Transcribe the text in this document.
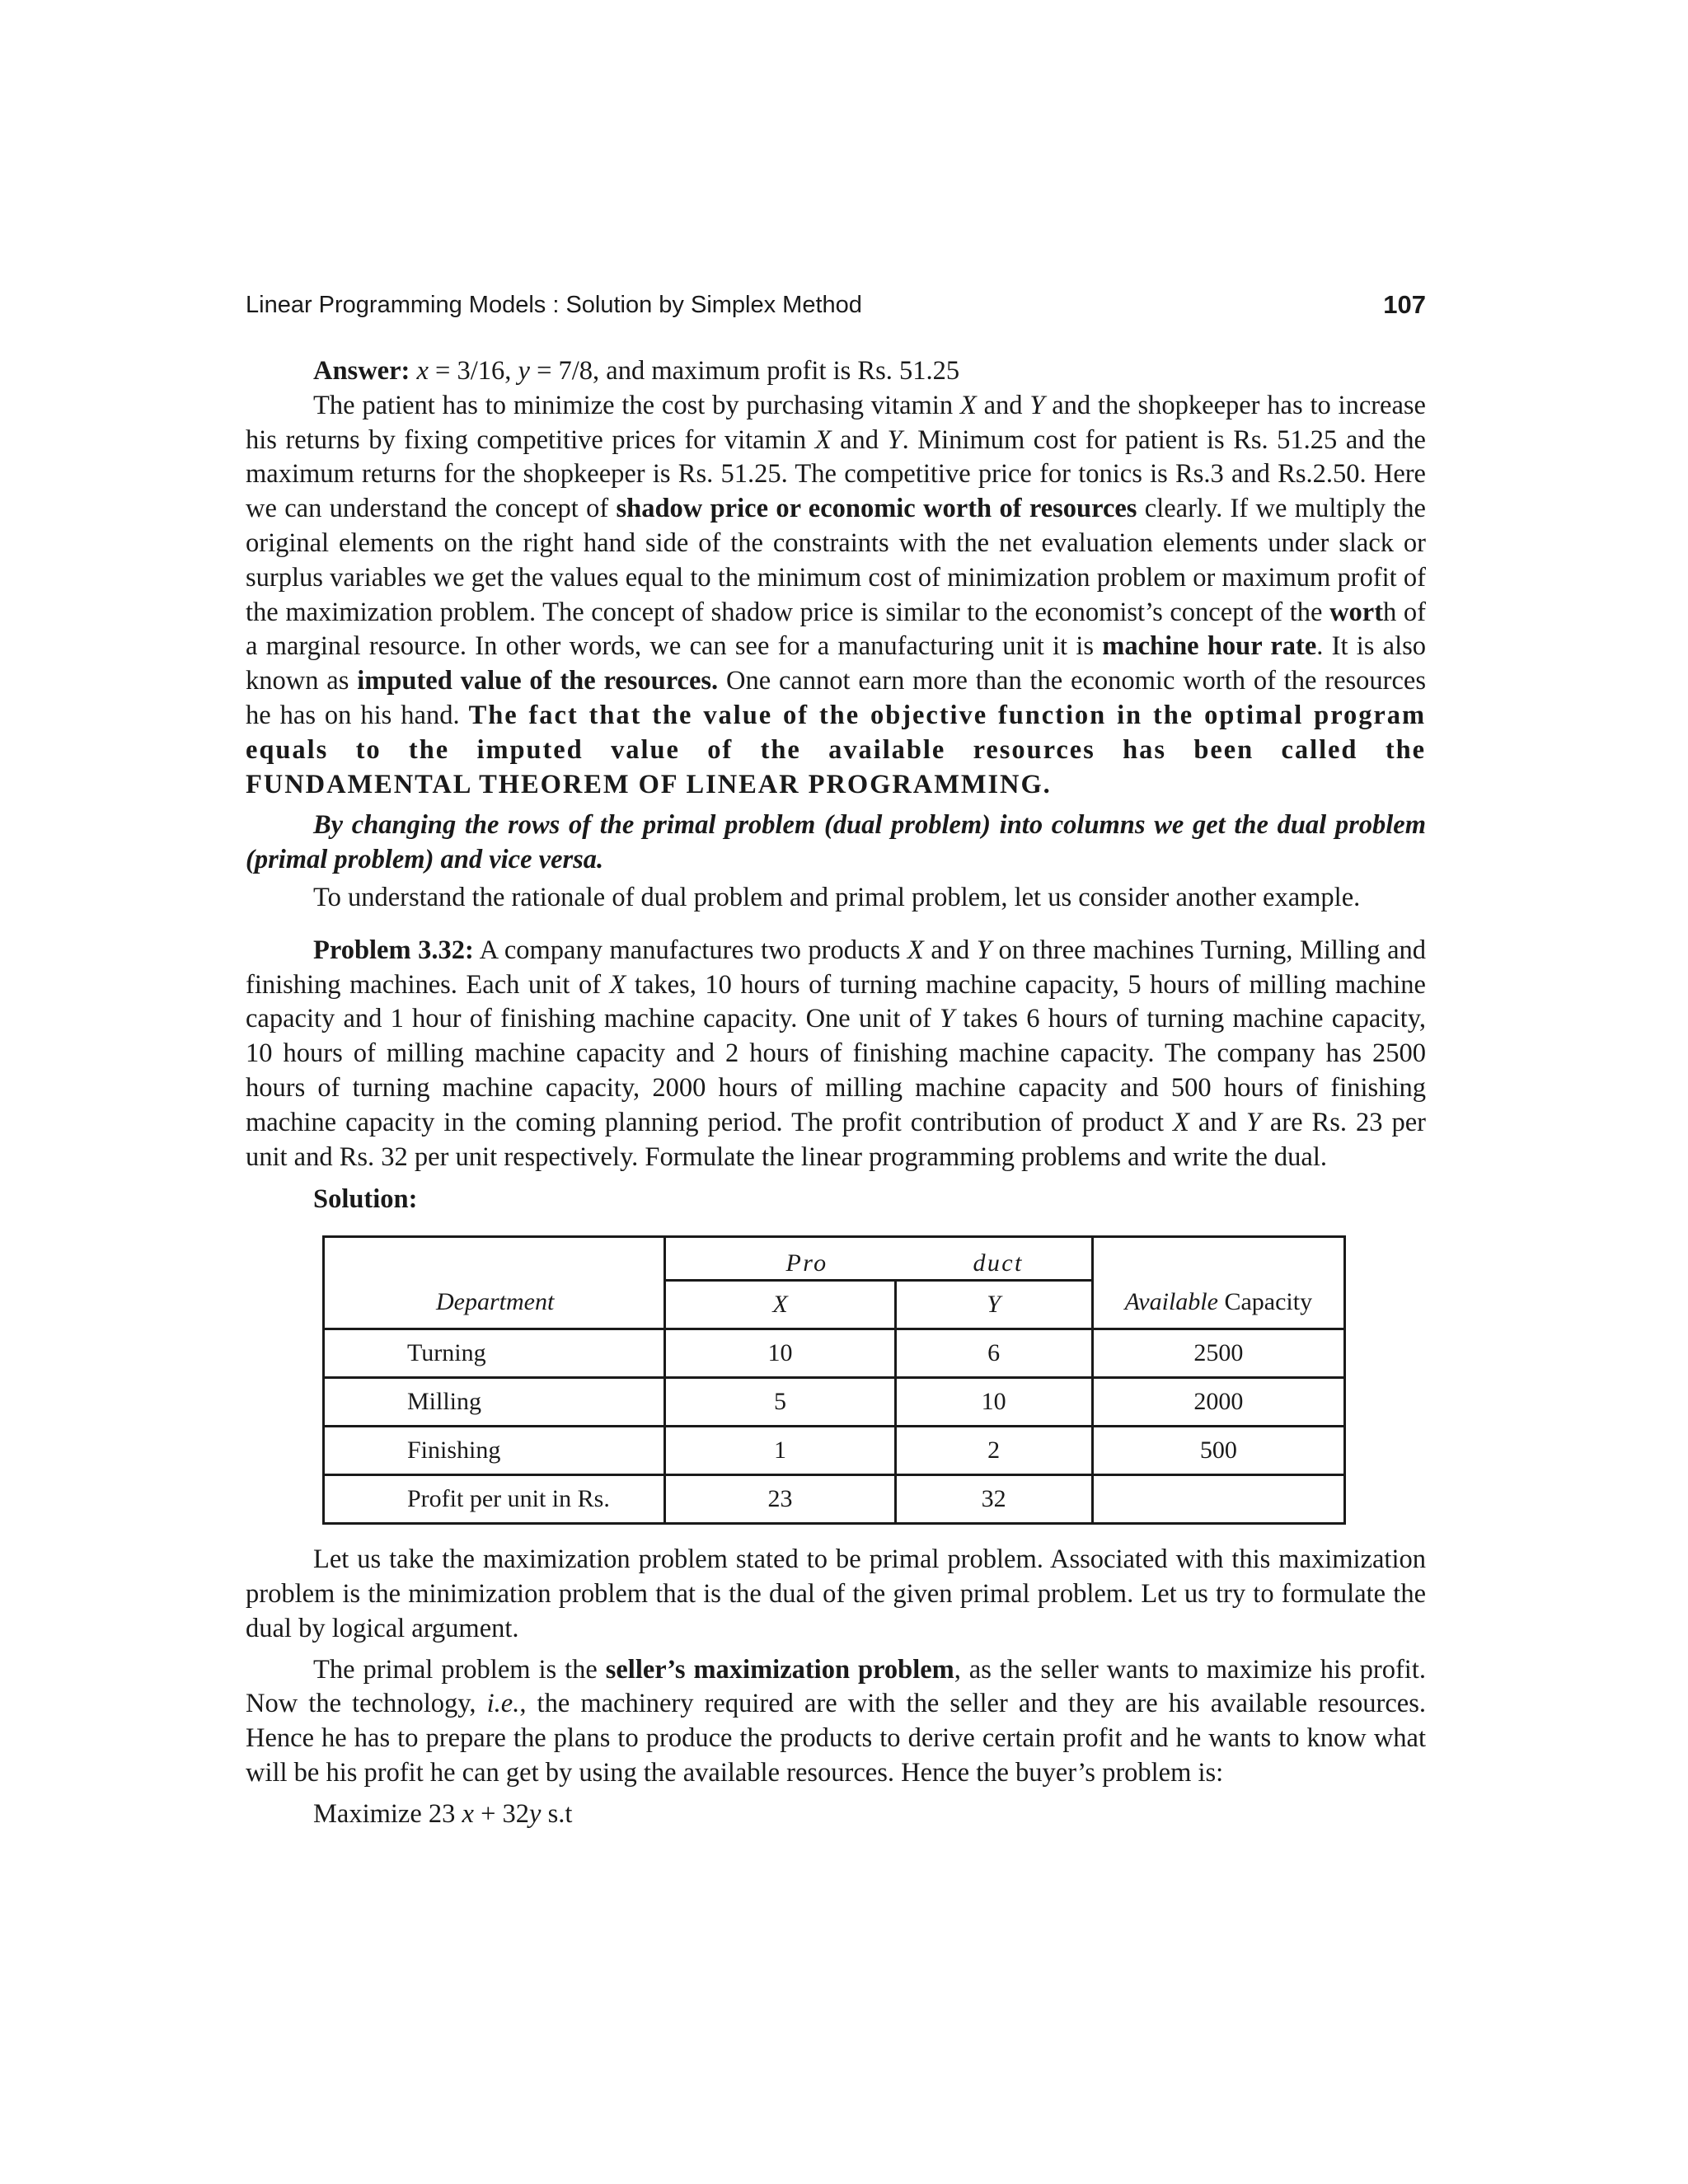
Linear Programming Models : Solution by Simplex Method	107

Answer: x = 3/16, y = 7/8, and maximum profit is Rs. 51.25

The patient has to minimize the cost by purchasing vitamin X and Y and the shopkeeper has to increase his returns by fixing competitive prices for vitamin X and Y. Minimum cost for patient is Rs. 51.25 and the maximum returns for the shopkeeper is Rs. 51.25. The competitive price for tonics is Rs.3 and Rs.2.50. Here we can understand the concept of shadow price or economic worth of resources clearly. If we multiply the original elements on the right hand side of the constraints with the net evaluation elements under slack or surplus variables we get the values equal to the minimum cost of minimization problem or maximum profit of the maximization problem. The concept of shadow price is similar to the economist’s concept of the worth of a marginal resource. In other words, we can see for a manufacturing unit it is machine hour rate. It is also known as imputed value of the resources. One cannot earn more than the economic worth of the resources he has on his hand. The fact that the value of the objective function in the optimal program equals to the imputed value of the available resources has been called the FUNDAMENTAL THEOREM OF LINEAR PROGRAMMING.

By changing the rows of the primal problem (dual problem) into columns we get the dual problem (primal problem) and vice versa.

To understand the rationale of dual problem and primal problem, let us consider another example.

Problem 3.32: A company manufactures two products X and Y on three machines Turning, Milling and finishing machines. Each unit of X takes, 10 hours of turning machine capacity, 5 hours of milling machine capacity and 1 hour of finishing machine capacity. One unit of Y takes 6 hours of turning machine capacity, 10 hours of milling machine capacity and 2 hours of finishing machine capacity. The company has 2500 hours of turning machine capacity, 2000 hours of milling machine capacity and 500 hours of finishing machine capacity in the coming planning period. The profit contribution of product X and Y are Rs. 23 per unit and Rs. 32 per unit respectively. Formulate the linear programming problems and write the dual.

Solution:

Department	Pro duct		Available Capacity
	X	Y	
Turning	10	6	2500
Milling	5	10	2000
Finishing	1	2	500
Profit per unit in Rs.	23	32	

Let us take the maximization problem stated to be primal problem. Associated with this maximization problem is the minimization problem that is the dual of the given primal problem. Let us try to formulate the dual by logical argument.

The primal problem is the seller’s maximization problem, as the seller wants to maximize his profit. Now the technology, i.e., the machinery required are with the seller and they are his available resources. Hence he has to prepare the plans to produce the products to derive certain profit and he wants to know what will be his profit he can get by using the available resources. Hence the buyer’s problem is:

Maximize 23 x + 32y s.t
